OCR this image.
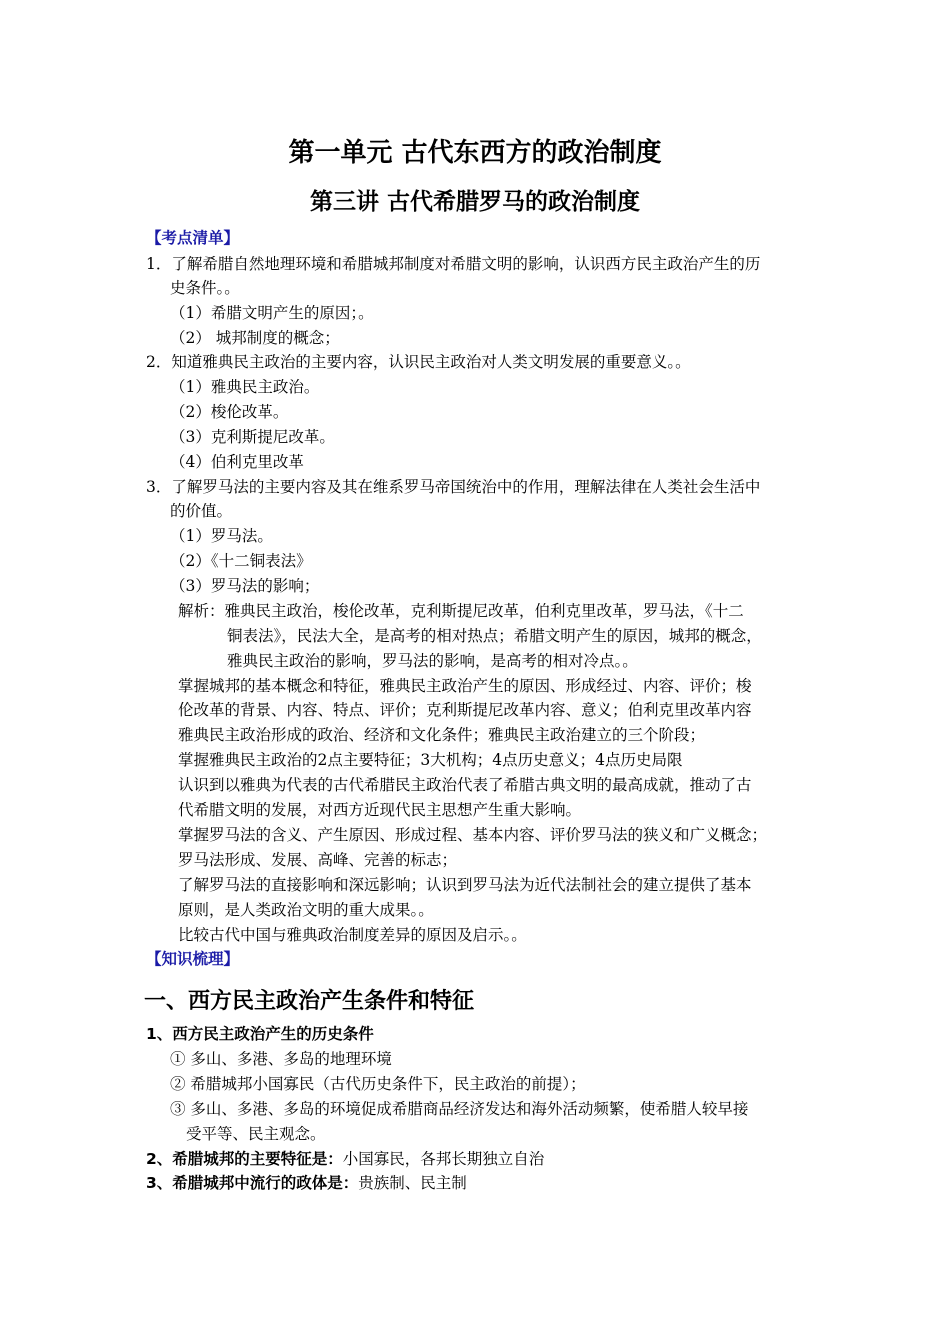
第一单元 古代东西方的政治制度
第三讲 古代希腊罗马的政治制度
【考点清单】
1．了解希腊自然地理环境和希腊城邦制度对希腊文明的影响，认识西方民主政治产生的历
史条件。。
（1）希腊文明产生的原因；。
（2） 城邦制度的概念；
2．知道雅典民主政治的主要内容，认识民主政治对人类文明发展的重要意义。。
（1）雅典民主政治。
（2）梭伦改革。
（3）克利斯提尼改革。
（4）伯利克里改革
3．了解罗马法的主要内容及其在维系罗马帝国统治中的作用，理解法律在人类社会生活中
的价值。
（1）罗马法。
（2）《十二铜表法》
（3）罗马法的影响；
解析：雅典民主政治，梭伦改革，克利斯提尼改革，伯利克里改革，罗马法，《十二
铜表法》，民法大全，是高考的相对热点；希腊文明产生的原因，城邦的概念，
雅典民主政治的影响，罗马法的影响，是高考的相对冷点。。
掌握城邦的基本概念和特征，雅典民主政治产生的原因、形成经过、内容、评价；梭
伦改革的背景、内容、特点、评价；克利斯提尼改革内容、意义；伯利克里改革内容
雅典民主政治形成的政治、经济和文化条件；雅典民主政治建立的三个阶段；
掌握雅典民主政治的2点主要特征；3大机构；4点历史意义；4点历史局限
认识到以雅典为代表的古代希腊民主政治代表了希腊古典文明的最高成就，推动了古
代希腊文明的发展，对西方近现代民主思想产生重大影响。
掌握罗马法的含义、产生原因、形成过程、基本内容、评价罗马法的狭义和广义概念；
罗马法形成、发展、高峰、完善的标志；
了解罗马法的直接影响和深远影响；认识到罗马法为近代法制社会的建立提供了基本
原则，是人类政治文明的重大成果。。
比较古代中国与雅典政治制度差异的原因及启示。。
【知识梳理】
一、西方民主政治产生条件和特征
1、西方民主政治产生的历史条件
① 多山、多港、多岛的地理环境
② 希腊城邦小国寡民（古代历史条件下，民主政治的前提）；
③ 多山、多港、多岛的环境促成希腊商品经济发达和海外活动频繁，使希腊人较早接
受平等、民主观念。
2、希腊城邦的主要特征是：小国寡民，各邦长期独立自治
3、希腊城邦中流行的政体是：贵族制、民主制
